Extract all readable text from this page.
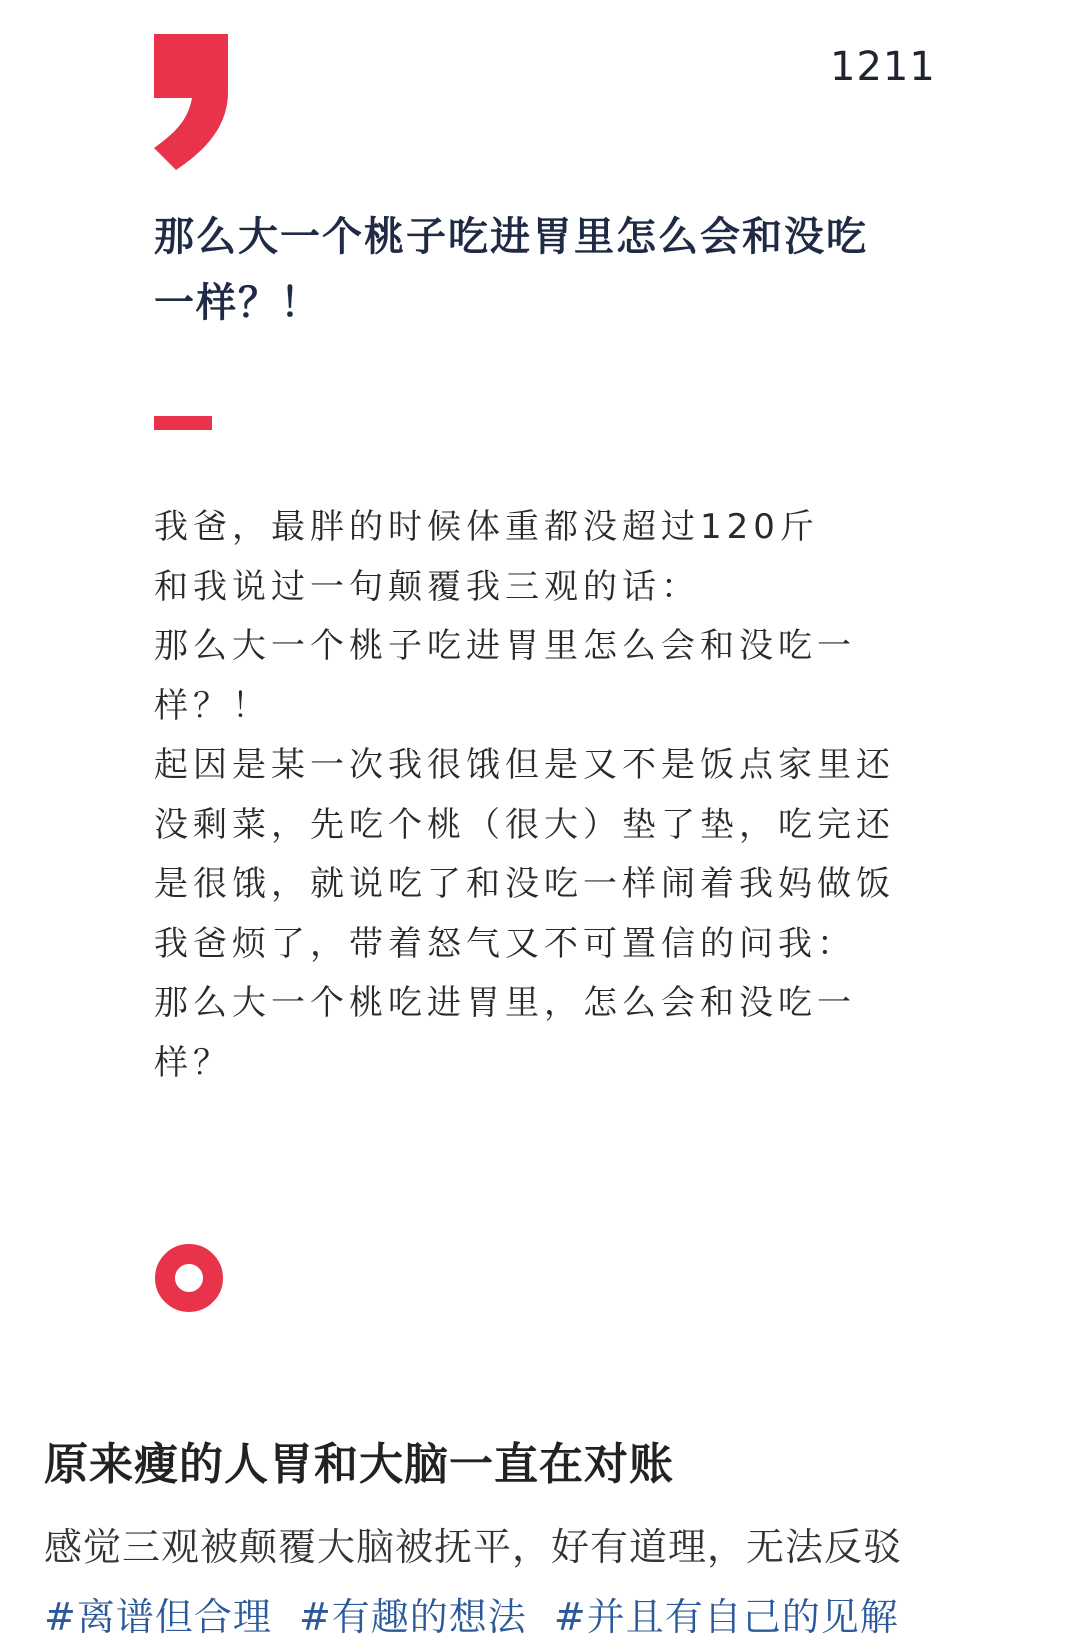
1211
那么大一个桃子吃进胃里怎么会和没吃
一样？！
我爸，最胖的时候体重都没超过120斤
和我说过一句颠覆我三观的话：
那么大一个桃子吃进胃里怎么会和没吃一
样？！
起因是某一次我很饿但是又不是饭点家里还
没剩菜，先吃个桃（很大）垫了垫，吃完还
是很饿，就说吃了和没吃一样闹着我妈做饭
我爸烦了，带着怒气又不可置信的问我：
那么大一个桃吃进胃里，怎么会和没吃一
样？
原来瘦的人胃和大脑一直在对账
感觉三观被颠覆大脑被抚平，好有道理，无法反驳
#离谱但合理 #有趣的想法 #并且有自己的见解
